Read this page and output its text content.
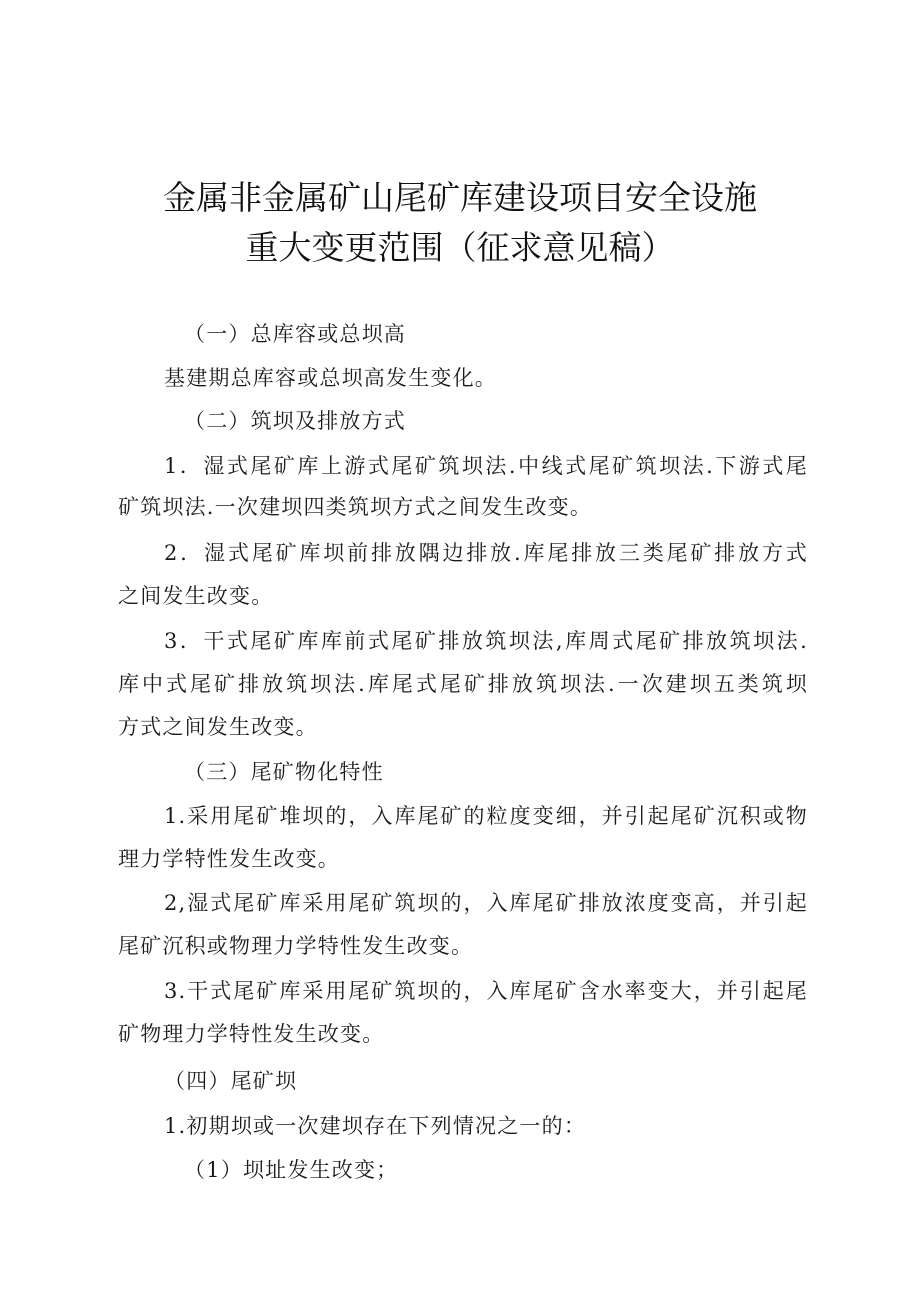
金属非金属矿山尾矿库建设项目安全设施
重大变更范围（征求意见稿）
（一）总库容或总坝高
基建期总库容或总坝高发生变化。
（二）筑坝及排放方式
1．湿式尾矿库上游式尾矿筑坝法.中线式尾矿筑坝法.下游式尾
矿筑坝法.一次建坝四类筑坝方式之间发生改变。
2．湿式尾矿库坝前排放隅边排放.库尾排放三类尾矿排放方式
之间发生改变。
3．干式尾矿库库前式尾矿排放筑坝法,库周式尾矿排放筑坝法.
库中式尾矿排放筑坝法.库尾式尾矿排放筑坝法.一次建坝五类筑坝
方式之间发生改变。
（三）尾矿物化特性
1.采用尾矿堆坝的，入库尾矿的粒度变细，并引起尾矿沉积或物
理力学特性发生改变。
2,湿式尾矿库采用尾矿筑坝的，入库尾矿排放浓度变高，并引起
尾矿沉积或物理力学特性发生改变。
3.干式尾矿库采用尾矿筑坝的，入库尾矿含水率变大，并引起尾
矿物理力学特性发生改变。
（四）尾矿坝
1.初期坝或一次建坝存在下列情况之一的：
（1）坝址发生改变；
